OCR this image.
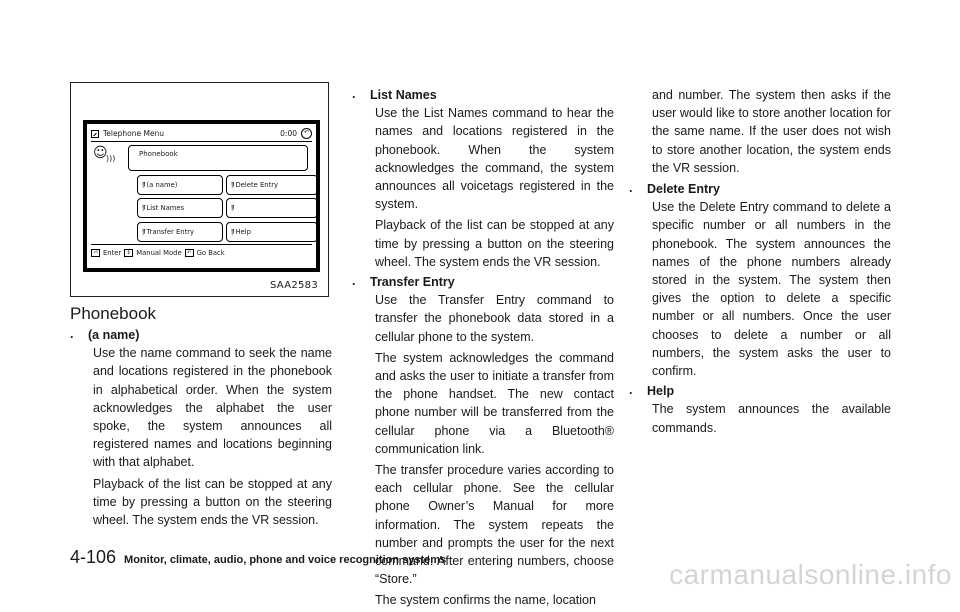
Telephone Menu	0:00	↶
☺
)))	Phonebook
ﾘ (a name)	ﾘ Delete Entry
ﾘ List Names	ﾘ
ﾘ Transfer Entry	ﾘ Help
⏎ Enter	⇕ Manual Mode	↶ Go Back
SAA2583
Phonebook
. (a name)

Use the name command to seek the name and locations registered in the phonebook in alphabetical order. When the system acknowledges the alphabet the user spoke, the system announces all registered names and locations beginning with that alphabet.

Playback of the list can be stopped at any time by pressing a button on the steering wheel. The system ends the VR session.

. List Names

Use the List Names command to hear the names and locations registered in the phonebook. When the system acknowledges the command, the system announces all voicetags registered in the system.

Playback of the list can be stopped at any time by pressing a button on the steering wheel. The system ends the VR session.

. Transfer Entry

Use the Transfer Entry command to transfer the phonebook data stored in a cellular phone to the system.

The system acknowledges the command and asks the user to initiate a transfer from the phone handset. The new contact phone number will be transferred from the cellular phone via a Bluetooth® communication link.

The transfer procedure varies according to each cellular phone. See the cellular phone Owner’s Manual for more information. The system repeats the number and prompts the user for the next command. After entering numbers, choose “Store.”

The system confirms the name, location

and number. The system then asks if the user would like to store another location for the same name. If the user does not wish to store another location, the system ends the VR session.

. Delete Entry

Use the Delete Entry command to delete a specific number or all numbers in the phonebook. The system announces the names of the phone numbers already stored in the system. The system then gives the option to delete a specific number or all numbers. Once the user chooses to delete a number or all numbers, the system asks the user to confirm.

. Help

The system announces the available commands.

4-106 Monitor, climate, audio, phone and voice recognition systems	carmanualsonline.info
